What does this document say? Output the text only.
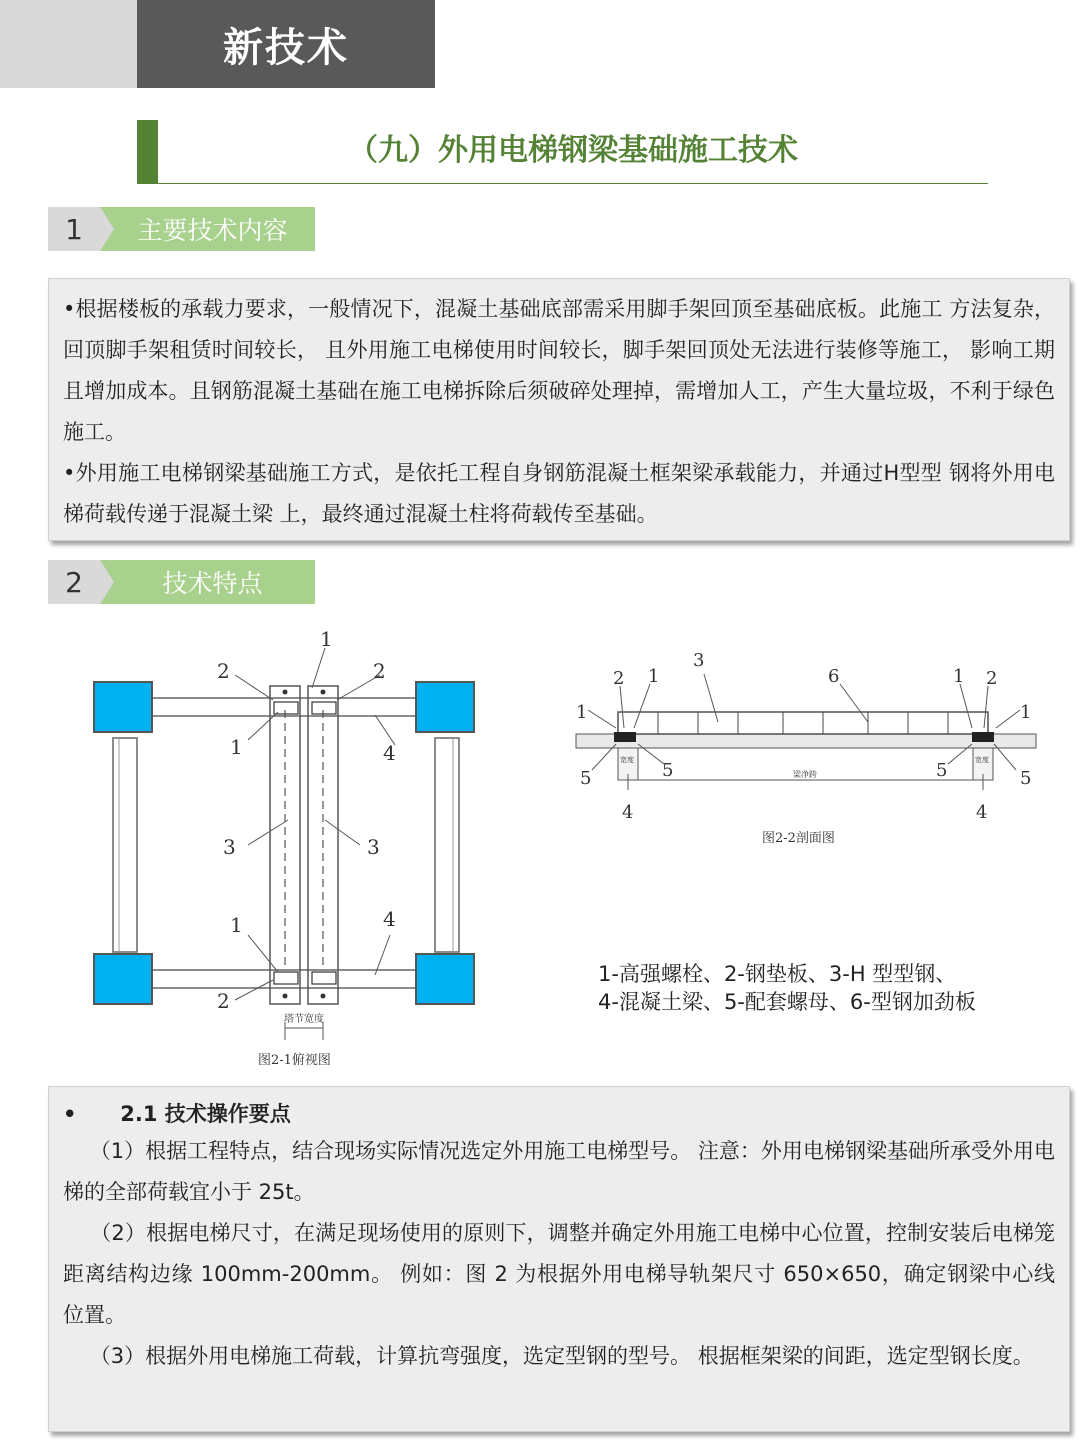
新技术
（九）外用电梯钢梁基础施工技术
1	主要技术内容

•根据楼板的承载力要求，一般情况下，混凝土基础底部需采用脚手架回顶至基础底板。此施工 方法复杂，回顶脚手架租赁时间较长， 且外用施工电梯使用时间较长，脚手架回顶处无法进行装修等施工， 影响工期且增加成本。且钢筋混凝土基础在施工电梯拆除后须破碎处理掉，需增加人工，产生大量垃圾，不利于绿色施工。

•外用施工电梯钢梁基础施工方式，是依托工程自身钢筋混凝土框架梁承载能力，并通过H型型 钢将外用电梯荷载传递于混凝土梁 上，最终通过混凝土柱将荷载传至基础。

2	技术特点
1
2	2
1	4
3	3
1	4
2
塔节宽度
图2-1俯视图
3
2 1	6	1 2
1	1
5	5	5	5
4	4
梁净跨
宽度	宽度
图2-2剖面图
1-高强螺栓、2-钢垫板、3-H 型型钢、
4-混凝土梁、5-配套螺母、6-型钢加劲板

•      2.1 技术操作要点

（1）根据工程特点，结合现场实际情况选定外用施工电梯型号。 注意：外用电梯钢梁基础所承受外用电梯的全部荷载宜小于 25t。

（2）根据电梯尺寸，在满足现场使用的原则下，调整并确定外用施工电梯中心位置，控制安装后电梯笼距离结构边缘 100mm-200mm。 例如：图 2 为根据外用电梯导轨架尺寸 650×650，确定钢梁中心线 位置。

（3）根据外用电梯施工荷载，计算抗弯强度，选定型钢的型号。 根据框架梁的间距，选定型钢长度。
